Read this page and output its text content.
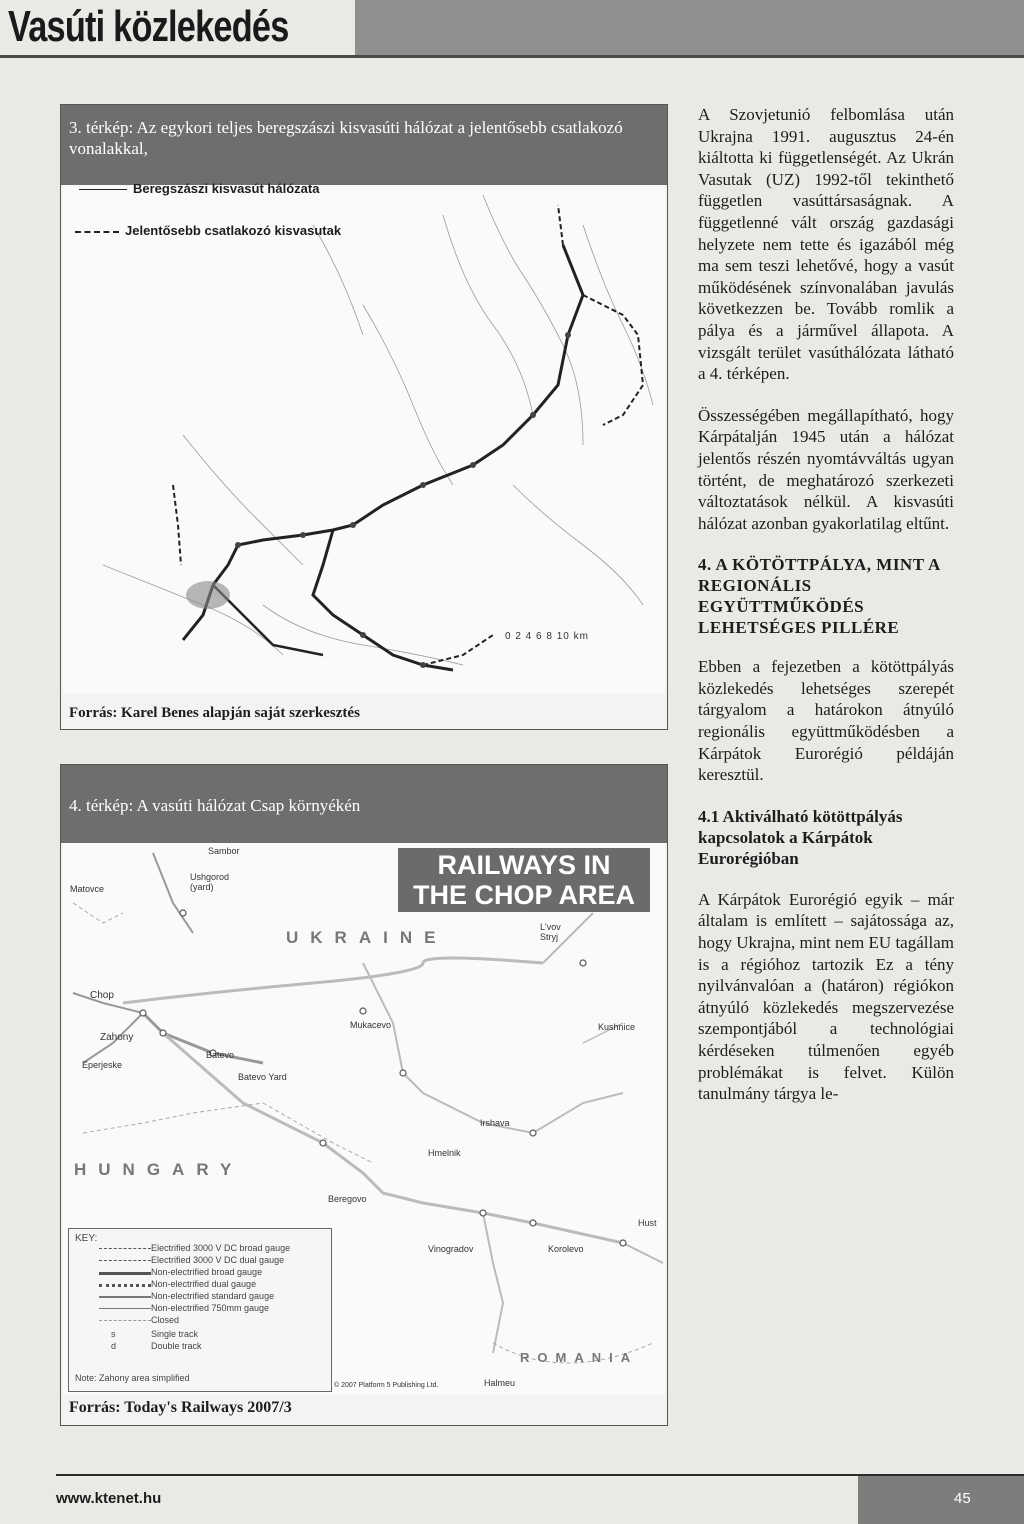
Vasúti közlekedés
3. térkép: Az egykori teljes beregszászi kisvasúti hálózat a jelentősebb csatlakozó vonalakkal,
0 2 4 6 8 10 km
Beregszászi kisvasút hálózata
Jelentősebb csatlakozó kisvasutak
Forrás: Karel Benes alapján saját szerkesztés
4. térkép: A vasúti hálózat Csap környékén
Forrás: Today's Railways 2007/3
RAILWAYS IN
THE CHOP AREA
UKRAINE
HUNGARY
ROMANIA
Sambor
Ushgorod (yard)
Matovce
Chop
Zahony
Eperjeske
Batevo
Batevo Yard
Mukacevo
L'vov Stryj
Kushnice
Irshava
Hmelnik
Beregovo
Vinogradov	Korolevo
Hust
Halmeu
© 2007 Platform 5 Publishing Ltd.
KEY:
Electrified 3000 V DC broad gauge
Electrified 3000 V DC dual gauge
Non-electrified broad gauge
Non-electrified dual gauge
Non-electrified standard gauge
Non-electrified 750mm gauge
Closed
s	Single track
d	Double track
Note: Zahony area simplified

A Szovjetunió felbomlása után Ukrajna 1991. augusztus 24-én kiáltotta ki függetlenségét. Az Ukrán Vasutak (UZ) 1992-től tekinthető független vasúttársaságnak. A függetlenné vált ország gazdasági helyzete nem tette és igazából még ma sem teszi lehetővé, hogy a vasút működésének színvonalában javulás következzen be. Tovább romlik a pálya és a járművel állapota. A vizsgált terület vasúthálózata látható a 4. térképen.

Összességében megállapítható, hogy Kárpátalján 1945 után a hálózat jelentős részén nyomtávváltás ugyan történt, de meghatározó szerkezeti változtatások nélkül. A kisvasúti hálózat azonban gyakorlatilag eltűnt.

4. A KÖTÖTTPÁLYA, MINT A REGIONÁLIS EGYÜTTMŰKÖDÉS LEHETSÉGES PILLÉRE

Ebben a fejezetben a kötöttpályás közlekedés lehetséges szerepét tárgyalom a határokon átnyúló regionális együttműködésben a Kárpátok Eurorégió példáján keresztül.

4.1 Aktiválható kötöttpályás kapcsolatok a Kárpátok Eurorégióban

A Kárpátok Eurorégió egyik – már általam is említett – sajátossága az, hogy Ukrajna, mint nem EU tagállam is a régióhoz tartozik Ez a tény nyilvánvalóan a (határon) régiókon átnyúló közlekedés megszervezése szempontjából a technológiai kérdéseken túlmenően egyéb problémákat is felvet. Külön tanulmány tárgya le-

www.ktenet.hu	45
